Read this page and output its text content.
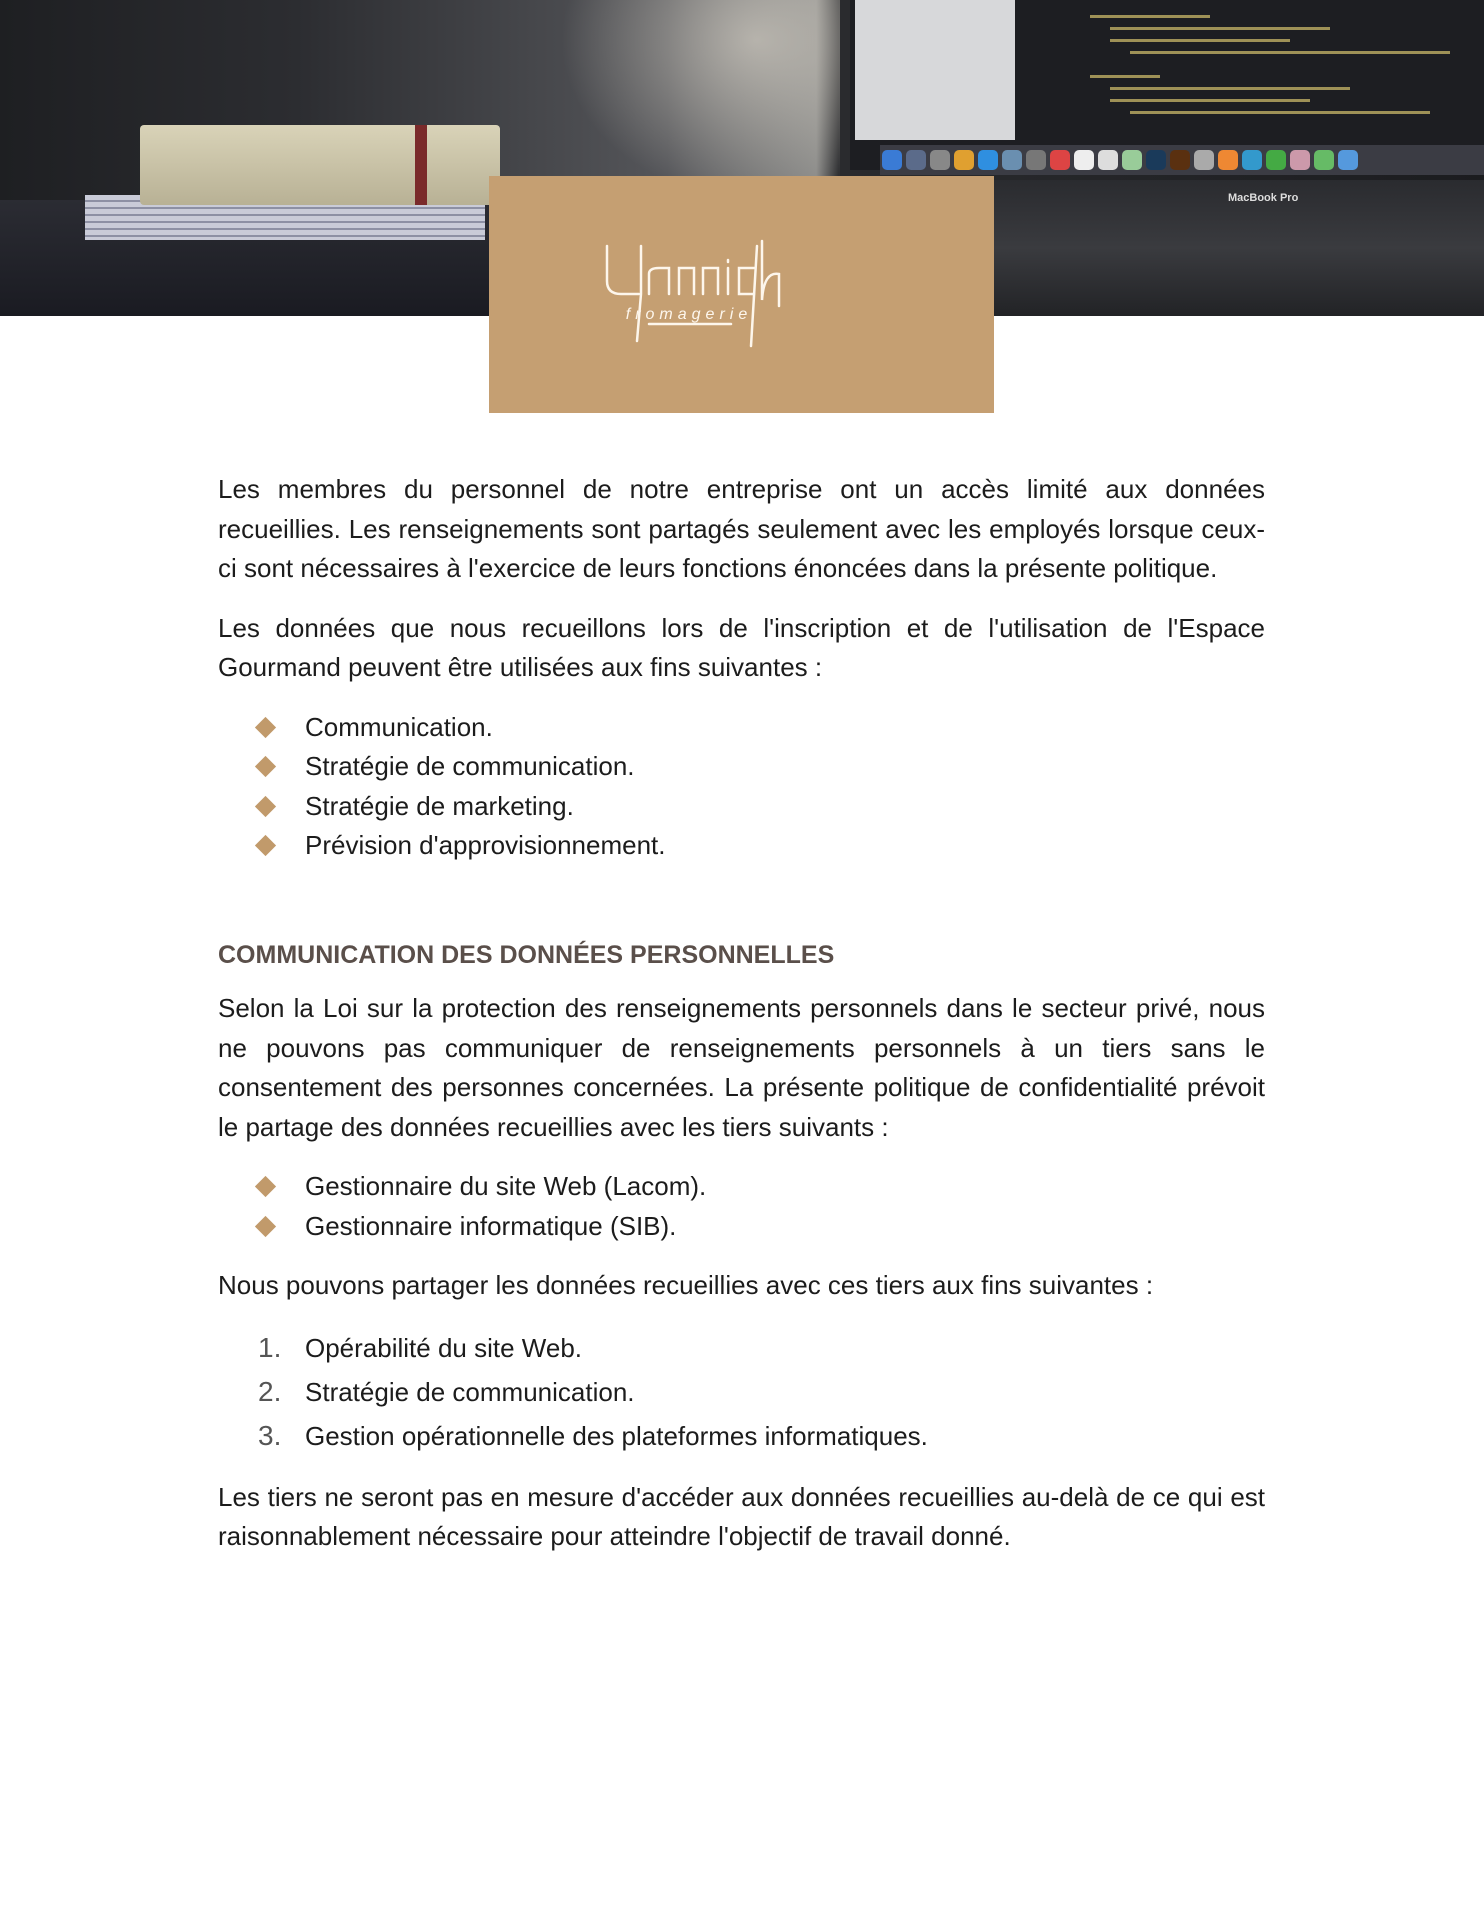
MacBook Pro
fromagerie

Les membres du personnel de notre entreprise ont un accès limité aux données recueillies. Les renseignements sont partagés seulement avec les employés lorsque ceux-ci sont nécessaires à l'exercice de leurs fonctions énoncées dans la présente politique.

Les données que nous recueillons lors de l'inscription et de l'utilisation de l'Espace Gourmand peuvent être utilisées aux fins suivantes :

Communication.
Stratégie de communication.
Stratégie de marketing.
Prévision d'approvisionnement.
COMMUNICATION DES DONNÉES PERSONNELLES

Selon la Loi sur la protection des renseignements personnels dans le secteur privé, nous ne pouvons pas communiquer de renseignements personnels à un tiers sans le consentement des personnes concernées. La présente politique de confidentialité prévoit le partage des données recueillies avec les tiers suivants :

Gestionnaire du site Web (Lacom).
Gestionnaire informatique (SIB).

Nous pouvons partager les données recueillies avec ces tiers aux fins suivantes :

1. Opérabilité du site Web.
2. Stratégie de communication.
3. Gestion opérationnelle des plateformes informatiques.

Les tiers ne seront pas en mesure d'accéder aux données recueillies au-delà de ce qui est raisonnablement nécessaire pour atteindre l'objectif de travail donné.
